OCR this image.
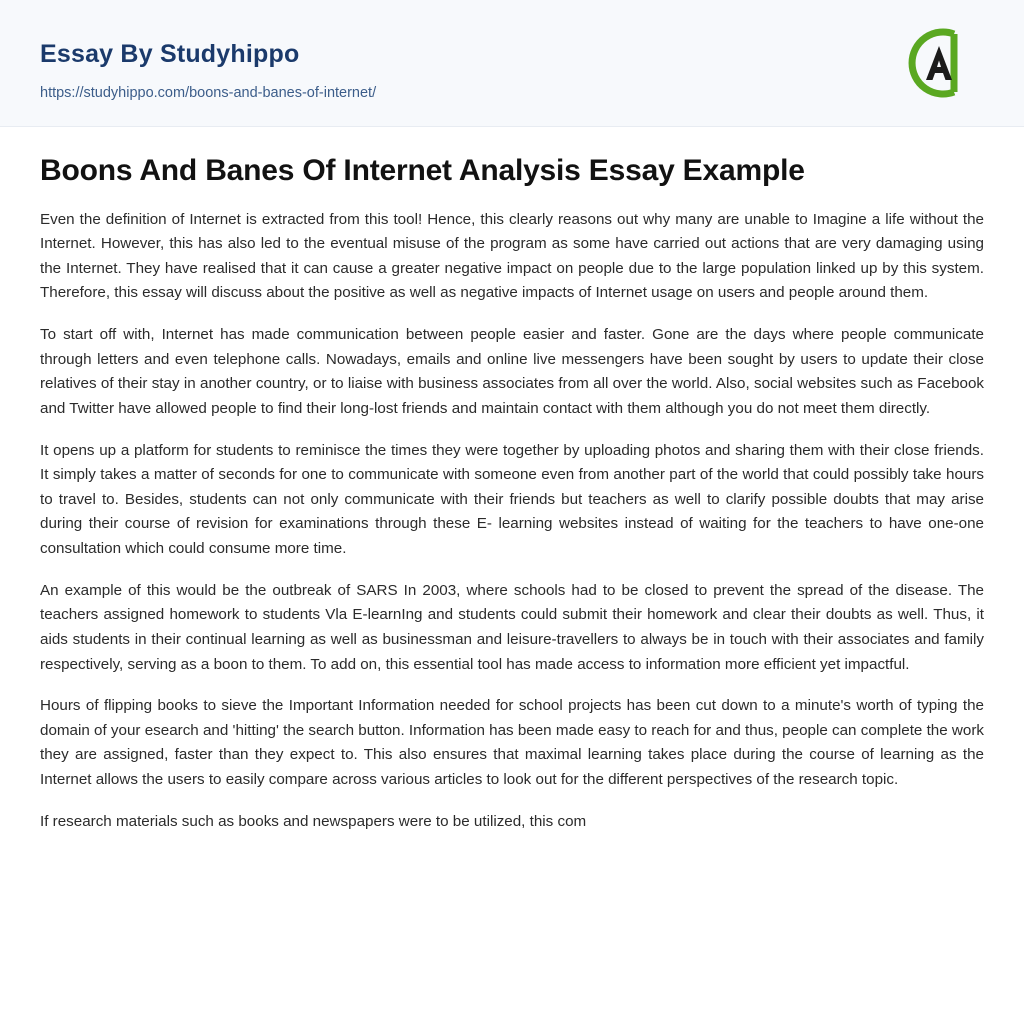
Essay By Studyhippo
https://studyhippo.com/boons-and-banes-of-internet/
Boons And Banes Of Internet Analysis Essay Example

Even the definition of Internet is extracted from this tool! Hence, this clearly reasons out why many are unable to Imagine a life without the Internet. However, this has also led to the eventual misuse of the program as some have carried out actions that are very damaging using the Internet. They have realised that it can cause a greater negative impact on people due to the large population linked up by this system. Therefore, this essay will discuss about the positive as well as negative impacts of Internet usage on users and people around them.

To start off with, Internet has made communication between people easier and faster. Gone are the days where people communicate through letters and even telephone calls. Nowadays, emails and online live messengers have been sought by users to update their close relatives of their stay in another country, or to liaise with business associates from all over the world. Also, social websites such as Facebook and Twitter have allowed people to find their long-lost friends and maintain contact with them although you do not meet them directly.

It opens up a platform for students to reminisce the times they were together by uploading photos and sharing them with their close friends. It simply takes a matter of seconds for one to communicate with someone even from another part of the world that could possibly take hours to travel to. Besides, students can not only communicate with their friends but teachers as well to clarify possible doubts that may arise during their course of revision for examinations through these E- learning websites instead of waiting for the teachers to have one-one consultation which could consume more time.

An example of this would be the outbreak of SARS In 2003, where schools had to be closed to prevent the spread of the disease. The teachers assigned homework to students Vla E-learnIng and students could submit their homework and clear their doubts as well. Thus, it aids students in their continual learning as well as businessman and leisure-travellers to always be in touch with their associates and family respectively, serving as a boon to them. To add on, this essential tool has made access to information more efficient yet impactful.

Hours of flipping books to sieve the Important Information needed for school projects has been cut down to a minute's worth of typing the domain of your esearch and 'hitting' the search button. Information has been made easy to reach for and thus, people can complete the work they are assigned, faster than they expect to. This also ensures that maximal learning takes place during the course of learning as the Internet allows the users to easily compare across various articles to look out for the different perspectives of the research topic.

If research materials such as books and newspapers were to be utilized, this com
